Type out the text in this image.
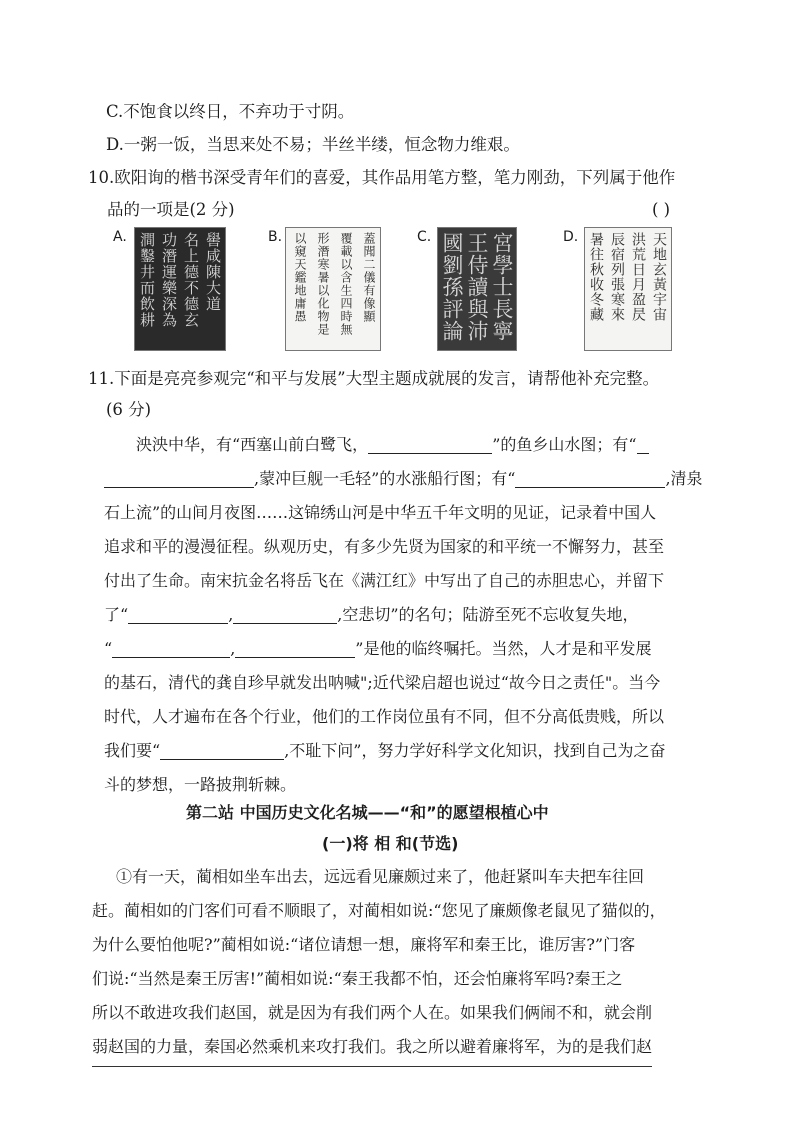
C.不饱食以终日，不弃功于寸阴。
D.一粥一饭，当思来处不易；半丝半缕，恒念物力维艰。
10.欧阳询的楷书深受青年们的喜爱，其作品用笔方整，笔力刚劲，下列属于他作
品的一项是(2 分)	( )
A.	嚳咸陳大道
名上德不德玄
功潛運樂深為
澗鑿井而飲耕	B.	蓋聞二儀有像顯
覆載以含生四時無
形潛寒暑以化物是
以窺天鑑地庸愚	C.	宮學士長寧
王侍讀與沛
國劉孫評論	D.	天地玄黃宇宙
洪荒日月盈昃
辰宿列張寒來
暑往秋收冬藏
11.下面是亮亮参观完“和平与发展”大型主题成就展的发言，请帮他补充完整。
(6 分)
泱泱中华，有“西塞山前白鹭飞，	”的鱼乡山水图；有“
,蒙冲巨舰一毛轻”的水涨船行图；有“	,清泉
石上流”的山间月夜图……这锦绣山河是中华五千年文明的见证，记录着中国人
追求和平的漫漫征程。纵观历史，有多少先贤为国家的和平统一不懈努力，甚至
付出了生命。南宋抗金名将岳飞在《满江红》中写出了自己的赤胆忠心，并留下
了“	,	,空悲切”的名句；陆游至死不忘收复失地，
“	,	”是他的临终嘱托。当然，人才是和平发展
的基石，清代的龚自珍早就发出呐喊";近代梁启超也说过“故今日之责任"。当今
时代，人才遍布在各个行业，他们的工作岗位虽有不同，但不分高低贵贱，所以
我们要“	,不耻下问”，努力学好科学文化知识，找到自己为之奋
斗的梦想，一路披荆斩棘。
第二站 中国历史文化名城——“和”的愿望根植心中
(一)将 相 和(节选)
①有一天，蔺相如坐车出去，远远看见廉颇过来了，他赶紧叫车夫把车往回
赶。蔺相如的门客们可看不顺眼了，对蔺相如说:“您见了廉颇像老鼠见了猫似的，
为什么要怕他呢?”蔺相如说:“诸位请想一想，廉将军和秦王比，谁厉害?”门客
们说:“当然是秦王厉害!”蔺相如说:“秦王我都不怕，还会怕廉将军吗?秦王之
所以不敢进攻我们赵国，就是因为有我们两个人在。如果我们俩闹不和，就会削
弱赵国的力量，秦国必然乘机来攻打我们。我之所以避着廉将军，为的是我们赵
